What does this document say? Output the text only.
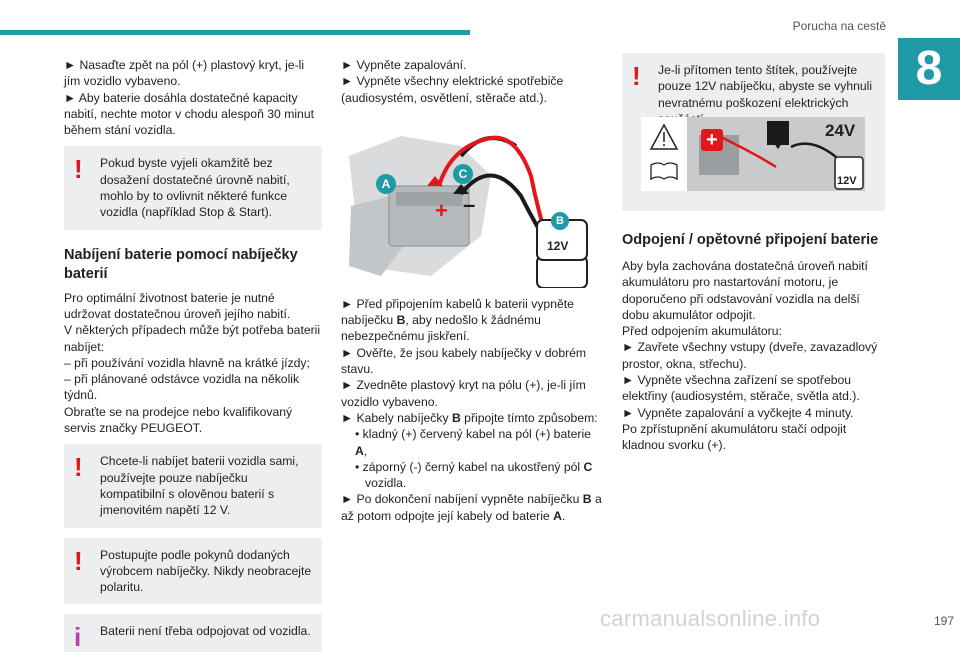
Porucha na cestě
8

► Nasaďte zpět na pól (+) plastový kryt, je-li jím vozidlo vybaveno.

► Aby baterie dosáhla dostatečné kapacity nabití, nechte motor v chodu alespoň 30 minut během stání vozidla.

!	Pokud byste vyjeli okamžitě bez dosažení dostatečné úrovně nabití, mohlo by to ovlivnit některé funkce vozidla (například Stop & Start).
Nabíjení baterie pomocí nabíječky baterií

Pro optimální životnost baterie je nutné udržovat dostatečnou úroveň jejího nabití.

V některých případech může být potřeba baterii nabíjet:

– při používání vozidla hlavně na krátké jízdy;

– při plánované odstávce vozidla na několik týdnů.

Obraťte se na prodejce nebo kvalifikovaný servis značky PEUGEOT.

!	Chcete-li nabíjet baterii vozidla sami, používejte pouze nabíječku kompatibilní s olověnou baterií s jmenovitém napětí 12 V.
!	Postupujte podle pokynů dodaných výrobcem nabíječky. Nikdy neobracejte polaritu.
i	Baterii není třeba odpojovat od vozidla.

► Vypněte zapalování.

► Vypněte všechny elektrické spotřebiče (audiosystém, osvětlení, stěrače atd.).

+ –
A
C
B
12V

► Před připojením kabelů k baterii vypněte nabíječku B, aby nedošlo k žádnému nebezpečnému jiskření.

► Ověřte, že jsou kabely nabíječky v dobrém stavu.

► Zvedněte plastový kryt na pólu (+), je-li jím vozidlo vybaveno.

► Kabely nabíječky B připojte tímto způsobem:

• kladný (+) červený kabel na pól (+) baterie A,

• záporný (-) černý kabel na ukostřený pól C

vozidla.

► Po dokončení nabíjení vypněte nabíječku B a až potom odpojte její kabely od baterie A.

!	Je-li přítomen tento štítek, používejte pouze 12V nabíječku, abyste se vyhnuli nevratnému poškození elektrických
+	24V
12V
Odpojení / opětovné připojení baterie

Aby byla zachována dostatečná úroveň nabití akumulátoru pro nastartování motoru, je doporučeno při odstavování vozidla na delší dobu akumulátor odpojit.

Před odpojením akumulátoru:

► Zavřete všechny vstupy (dveře, zavazadlový prostor, okna, střechu).

► Vypněte všechna zařízení se spotřebou elektřiny (audiosystém, stěrače, světla atd.).

► Vypněte zapalování a vyčkejte 4 minuty.

Po zpřístupnění akumulátoru stačí odpojit kladnou svorku (+).

carmanualsonline.info	197
